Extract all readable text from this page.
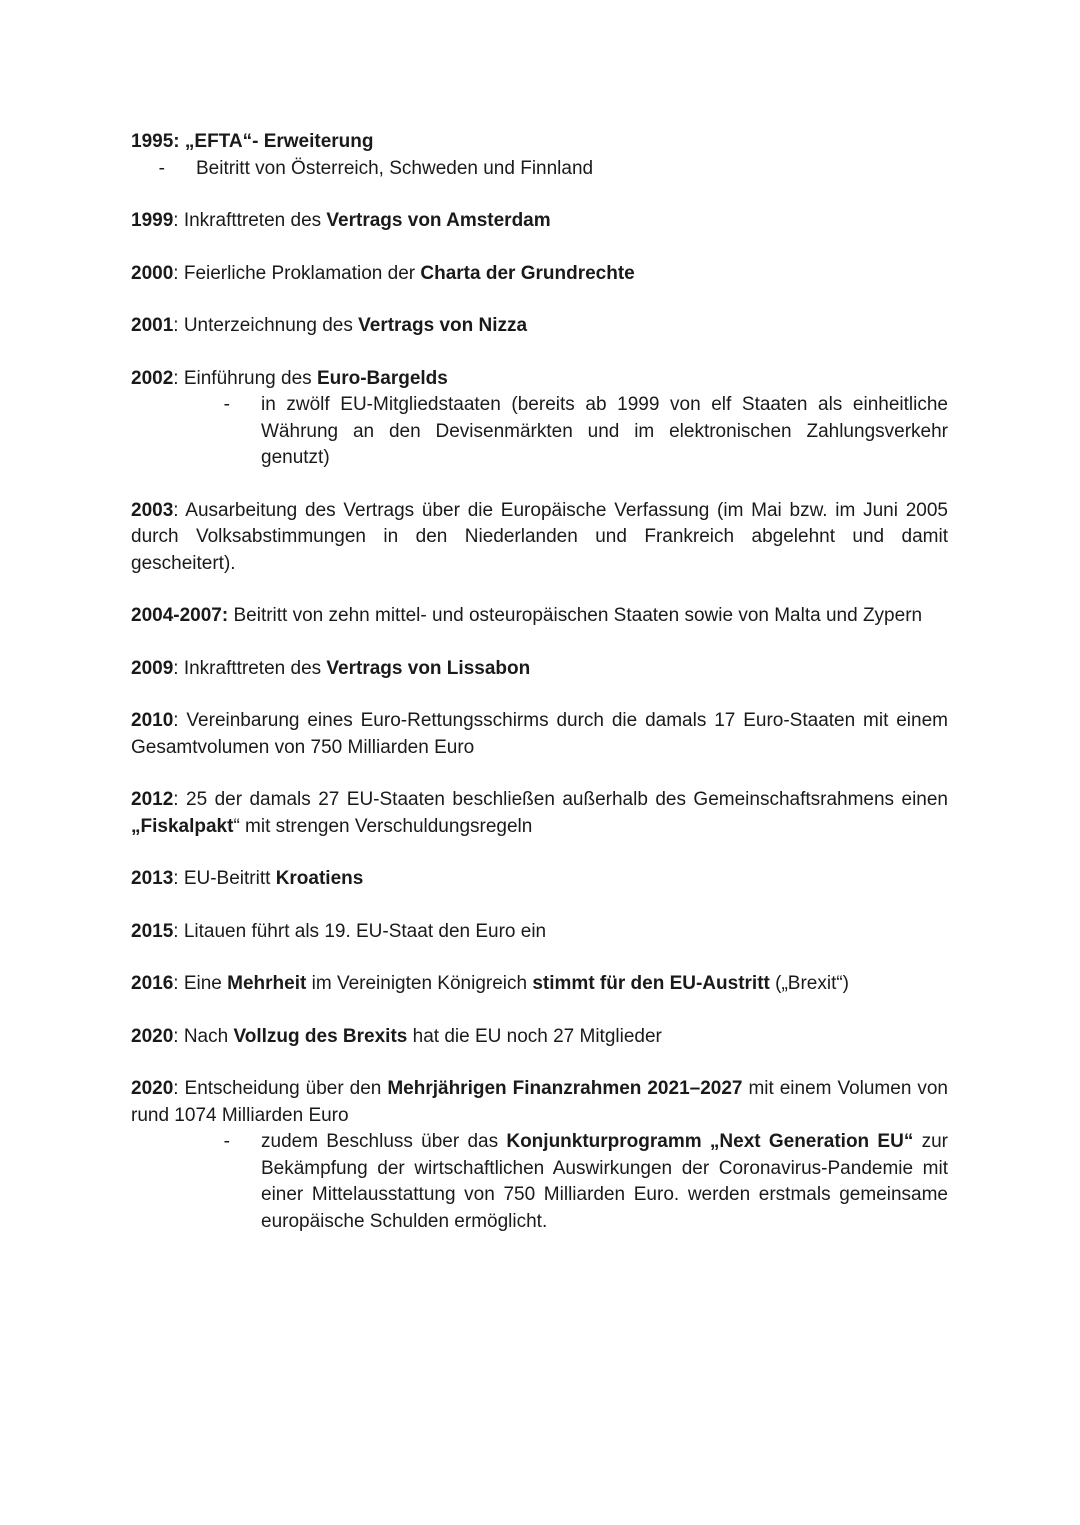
1995: „EFTA“- Erweiterung

-	Beitritt von Österreich, Schweden und Finnland

1999: Inkrafttreten des Vertrags von Amsterdam

2000: Feierliche Proklamation der Charta der Grundrechte

2001: Unterzeichnung des Vertrags von Nizza

2002: Einführung des Euro-Bargelds

-	in zwölf EU-Mitgliedstaaten (bereits ab 1999 von elf Staaten als einheitliche Währung an den Devisenmärkten und im elektronischen Zahlungsverkehr genutzt)

2003: Ausarbeitung des Vertrags über die Europäische Verfassung (im Mai bzw. im Juni 2005 durch Volksabstimmungen in den Niederlanden und Frankreich abgelehnt und damit gescheitert).

2004-2007: Beitritt von zehn mittel- und osteuropäischen Staaten sowie von Malta und Zypern

2009: Inkrafttreten des Vertrags von Lissabon

2010: Vereinbarung eines Euro-Rettungsschirms durch die damals 17 Euro-Staaten mit einem Gesamtvolumen von 750 Milliarden Euro

2012: 25 der damals 27 EU-Staaten beschließen außerhalb des Gemeinschaftsrahmens einen „Fiskalpakt“ mit strengen Verschuldungsregeln

2013: EU-Beitritt Kroatiens

2015: Litauen führt als 19. EU-Staat den Euro ein

2016: Eine Mehrheit im Vereinigten Königreich stimmt für den EU-Austritt („Brexit“)

2020: Nach Vollzug des Brexits hat die EU noch 27 Mitglieder

2020: Entscheidung über den Mehrjährigen Finanzrahmen 2021–2027 mit einem Volumen von rund 1074 Milliarden Euro

-	zudem Beschluss über das Konjunkturprogramm „Next Generation EU“ zur Bekämpfung der wirtschaftlichen Auswirkungen der Coronavirus-Pandemie mit einer Mittelausstattung von 750 Milliarden Euro. werden erstmals gemeinsame europäische Schulden ermöglicht.
